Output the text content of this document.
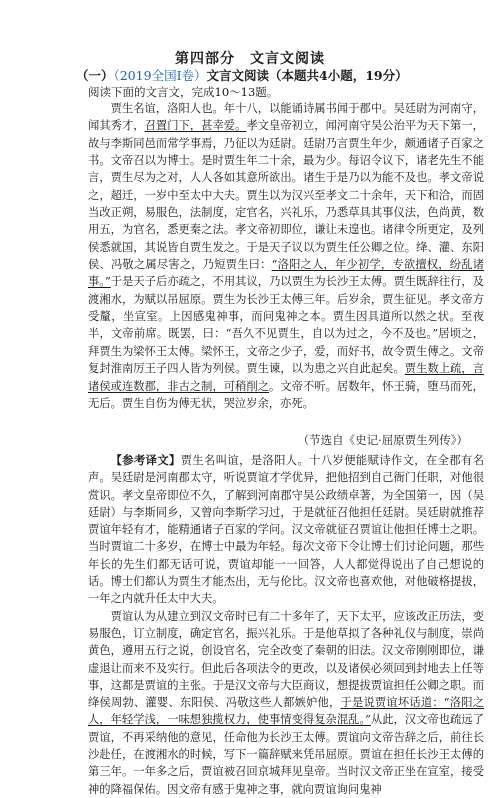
第四部分　文言文阅读
（一）（2019全国Ⅰ卷）文言文阅读（本题共4小题，19分）
阅读下面的文言文，完成10～13题。

贾生名谊，洛阳人也。年十八，以能诵诗属书闻于郡中。吴廷尉为河南守，闻其秀才，召置门下，甚幸爱。孝文皇帝初立，闻河南守吴公治平为天下第一，故与李斯同邑而常学事焉，乃征以为廷尉。廷尉乃言贾生年少，颇通诸子百家之书。文帝召以为博士。是时贾生年二十余，最为少。每诏令议下，诸老先生不能言，贾生尽为之对，人人各如其意所欲出。诸生于是乃以为能不及也。孝文帝说之，超迁，一岁中至太中大夫。贾生以为汉兴至孝文二十余年，天下和洽，而固当改正朔，易服色，法制度，定官名，兴礼乐，乃悉草具其事仪法，色尚黄，数用五，为官名，悉更秦之法。孝文帝初即位，谦让未遑也。诸律令所更定，及列侯悉就国，其说皆自贾生发之。于是天子议以为贾生任公卿之位。绛、灌、东阳侯、冯敬之属尽害之，乃短贾生曰：“洛阳之人，年少初学，专欲擅权，纷乱诸事。”于是天子后亦疏之，不用其议，乃以贾生为长沙王太傅。贾生既辞往行，及渡湘水，为赋以吊屈原。贾生为长沙王太傅三年。后岁余，贾生征见。孝文帝方受釐，坐宣室。上因感鬼神事，而问鬼神之本。贾生因具道所以然之状。至夜半，文帝前席。既罢，曰：“吾久不见贾生，自以为过之，今不及也。”居顷之，拜贾生为梁怀王太傅。梁怀王，文帝之少子，爱，而好书，故令贾生傅之。文帝复封淮南厉王子四人皆为列侯。贾生谏，以为患之兴自此起矣。贾生数上疏，言诸侯或连数郡，非古之制，可稍削之。文帝不听。居数年，怀王骑，堕马而死，无后。贾生自伤为傅无状，哭泣岁余，亦死。

（节选自《史记·屈原贾生列传》）
【参考译文】贾生名叫谊，是洛阳人。十八岁便能赋诗作文，在全郡有名声。吴廷尉是河南郡太守，听说贾谊才学优异，把他招到自己衙门任职，对他很赏识。孝文皇帝即位不久，了解到河南郡守吴公政绩卓著，为全国第一，因（吴廷尉）与李斯同乡，又曾向李斯学习过，于是就征召他担任廷尉。吴廷尉就推荐贾谊年轻有才，能精通诸子百家的学问。汉文帝就征召贾谊让他担任博士之职。当时贾谊二十多岁，在博士中最为年轻。每次文帝下令让博士们讨论问题，那些年长的先生们都无话可说，贾谊却能一一回答，人人都觉得说出了自己想说的话。博士们都认为贾生才能杰出，无与伦比。汉文帝也喜欢他，对他破格提拔，一年之内就升任太中大夫。
贾谊认为从建立到汉文帝时已有二十多年了，天下太平，应该改正历法，变易服色，订立制度，确定官名，振兴礼乐。于是他草拟了各种礼仪与制度，崇尚黄色，遵用五行之说，创设官名，完全改变了秦朝的旧法。汉文帝刚刚即位，谦虚退让而来不及实行。但此后各项法令的更改，以及诸侯必须回到封地去上任等事，这都是贾谊的主张。于是汉文帝与大臣商议，想提拔贾谊担任公卿之职。而绛侯周勃、灌婴、东阳侯、冯敬这些人都嫉妒他，于是说贾谊坏话道：“洛阳之人，年轻学浅，一味想独揽权力，使事情变得复杂混乱。”从此，汉文帝也疏远了贾谊，不再采纳他的意见，任命他为长沙王太傅。贾谊向文帝告辞之后，前往长沙赴任，在渡湘水的时候，写下一篇辞赋来凭吊屈原。贾谊在担任长沙王太傅的第三年。一年多之后，贾谊被召回京城拜见皇帝。当时汉文帝正坐在宣室，接受神的降福保佑。因文帝有感于鬼神之事，就向贾谊询问鬼神
